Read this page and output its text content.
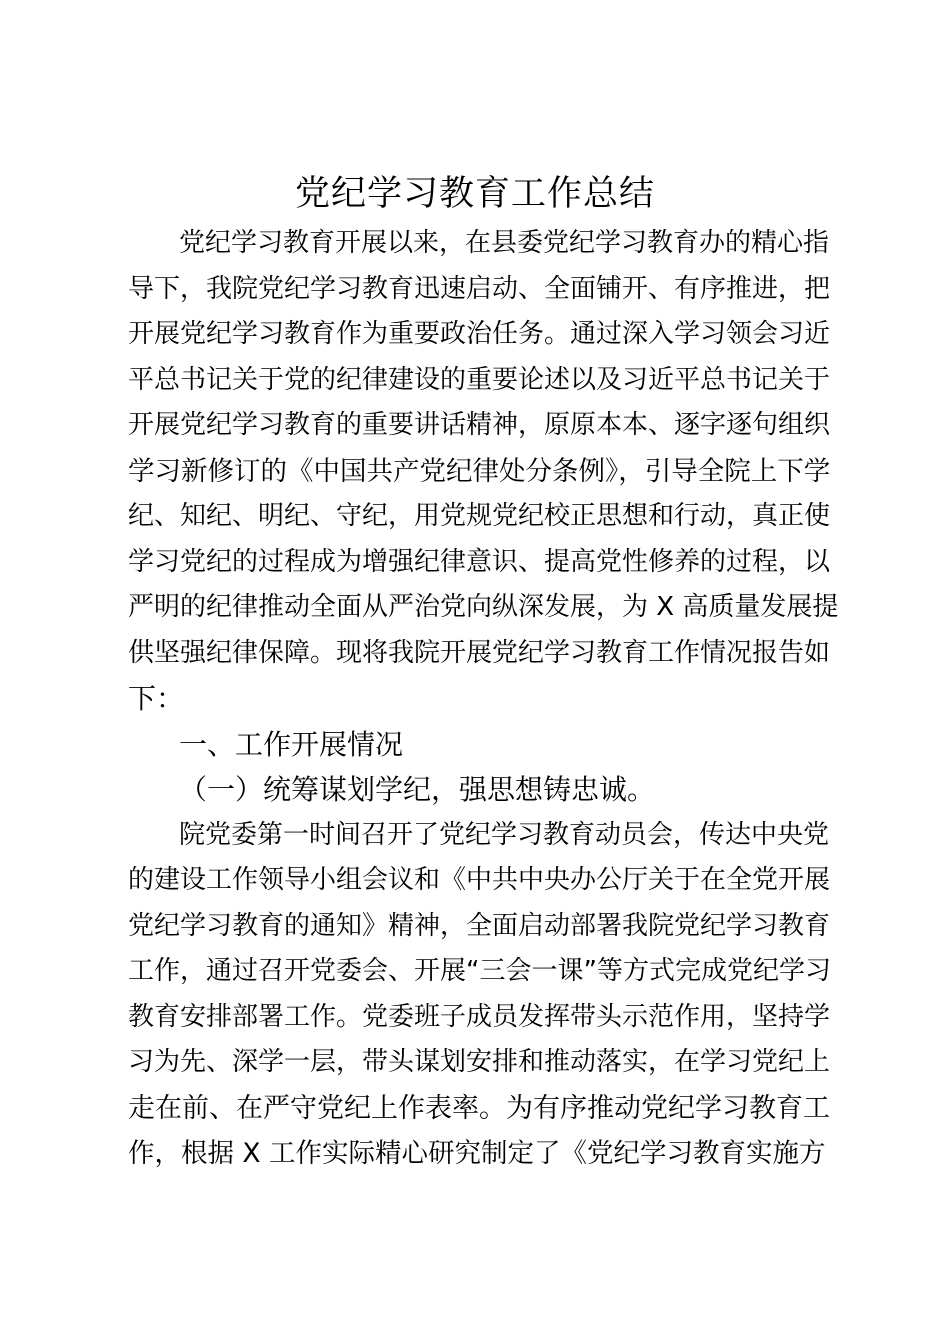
党纪学习教育工作总结
党纪学习教育开展以来，在县委党纪学习教育办的精心指
导下，我院党纪学习教育迅速启动、全面铺开、有序推进，把
开展党纪学习教育作为重要政治任务。通过深入学习领会习近
平总书记关于党的纪律建设的重要论述以及习近平总书记关于
开展党纪学习教育的重要讲话精神，原原本本、逐字逐句组织
学习新修订的《中国共产党纪律处分条例》，引导全院上下学
纪、知纪、明纪、守纪，用党规党纪校正思想和行动，真正使
学习党纪的过程成为增强纪律意识、提高党性修养的过程，以
严明的纪律推动全面从严治党向纵深发展，为 X 高质量发展提
供坚强纪律保障。现将我院开展党纪学习教育工作情况报告如
下：
一、工作开展情况
（一）统筹谋划学纪，强思想铸忠诚。
院党委第一时间召开了党纪学习教育动员会，传达中央党
的建设工作领导小组会议和《中共中央办公厅关于在全党开展
党纪学习教育的通知》精神，全面启动部署我院党纪学习教育
工作，通过召开党委会、开展“三会一课”等方式完成党纪学习
教育安排部署工作。党委班子成员发挥带头示范作用，坚持学
习为先、深学一层，带头谋划安排和推动落实，在学习党纪上
走在前、在严守党纪上作表率。为有序推动党纪学习教育工
作，根据 X 工作实际精心研究制定了《党纪学习教育实施方
